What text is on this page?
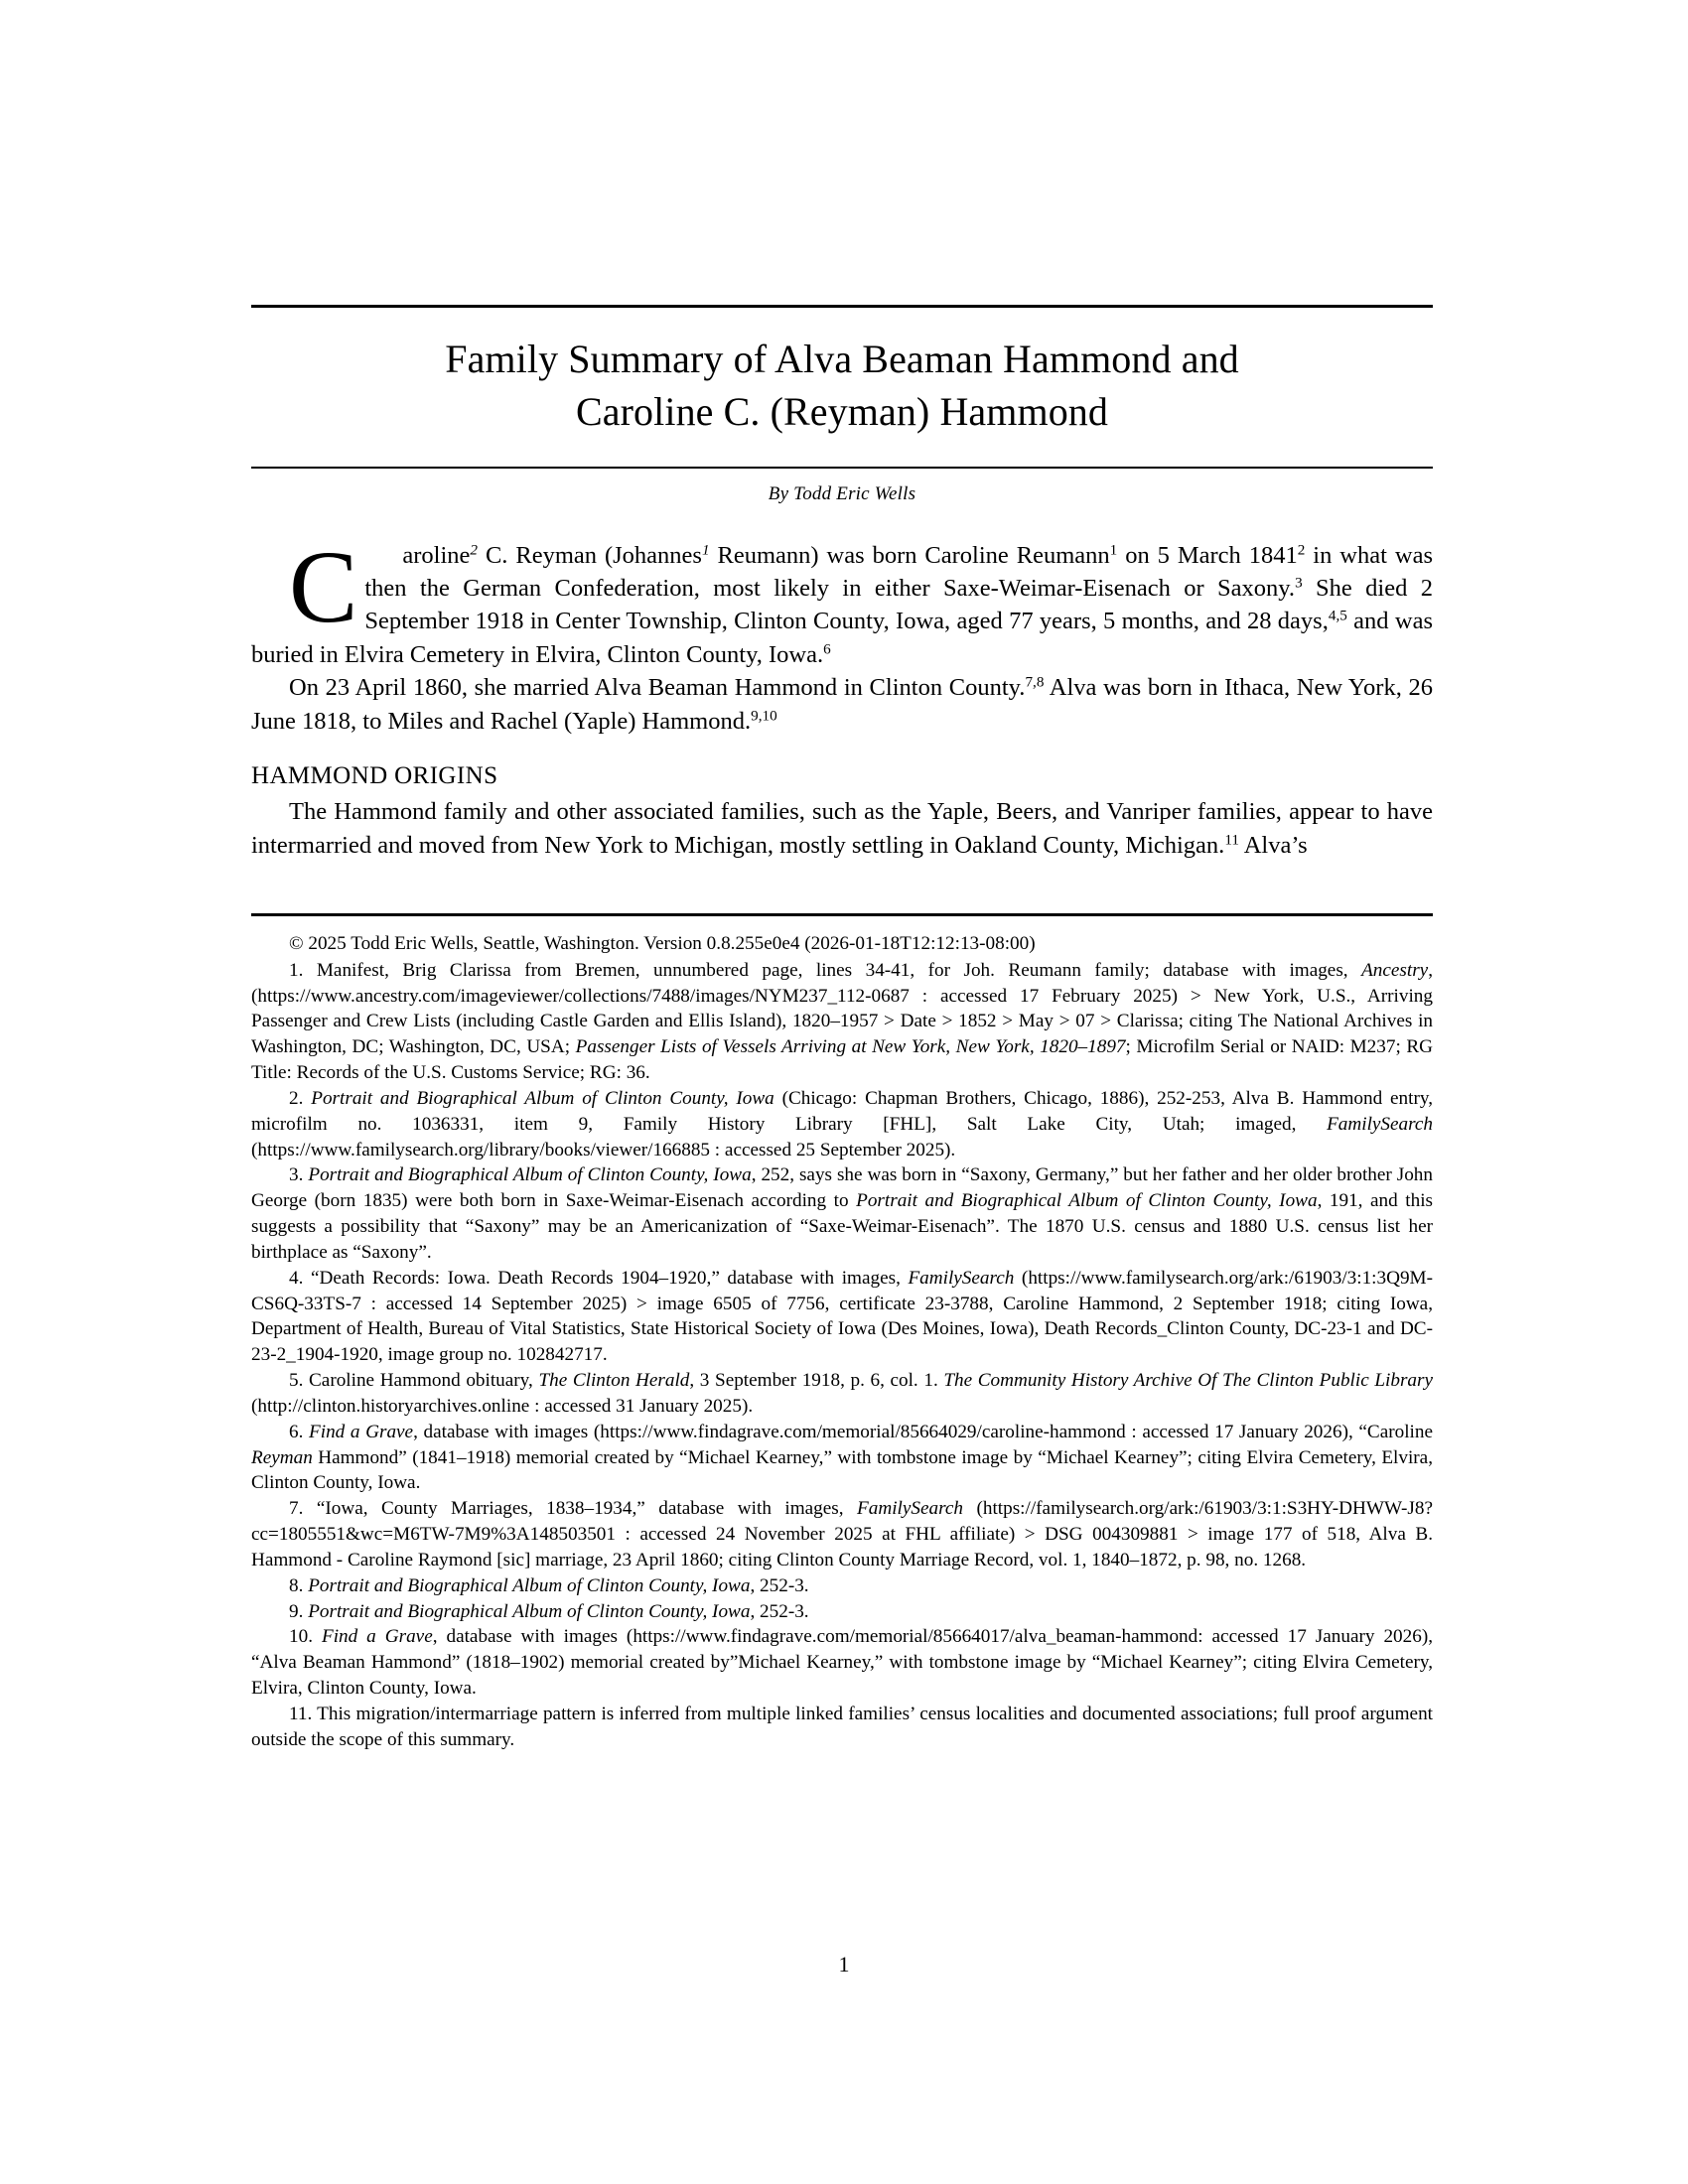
Family Summary of Alva Beaman Hammond and
Caroline C. (Reyman) Hammond
By Todd Eric Wells

C aroline$^2$ C. Reyman (Johannes$^1$ Reumann) was born Caroline Reumann$^1$ on 5 March 1841$^2$ in what was then the German Confederation, most likely in either Saxe-Weimar-Eisenach or Saxony.$^3$ She died 2 September 1918 in Center Township, Clinton County, Iowa, aged 77 years, 5 months, and 28 days,$^{4,5}$ and was buried in Elvira Cemetery in Elvira, Clinton County, Iowa.$^6$

On 23 April 1860, she married Alva Beaman Hammond in Clinton County.$^{7,8}$ Alva was born in Ithaca, New York, 26 June 1818, to Miles and Rachel (Yaple) Hammond.$^{9,10}$

HAMMOND ORIGINS

The Hammond family and other associated families, such as the Yaple, Beers, and Vanriper families, appear to have intermarried and moved from New York to Michigan, mostly settling in Oakland County, Michigan.$^{11}$ Alva’s

© 2025 Todd Eric Wells, Seattle, Washington. Version 0.8.255e0e4 (2026-01-18T12:12:13-08:00)

1. Manifest, Brig Clarissa from Bremen, unnumbered page, lines 34-41, for Joh. Reumann family; database with images, Ancestry, (https://www.ancestry.com/imageviewer/collections/7488/images/NYM237_112-0687 : accessed 17 February 2025) > New York, U.S., Arriving Passenger and Crew Lists (including Castle Garden and Ellis Island), 1820–1957 > Date > 1852 > May > 07 > Clarissa; citing The National Archives in Washington, DC; Washington, DC, USA; Passenger Lists of Vessels Arriving at New York, New York, 1820–1897; Microfilm Serial or NAID: M237; RG Title: Records of the U.S. Customs Service; RG: 36.

2. Portrait and Biographical Album of Clinton County, Iowa (Chicago: Chapman Brothers, Chicago, 1886), 252-253, Alva B. Hammond entry, microfilm no. 1036331, item 9, Family History Library [FHL], Salt Lake City, Utah; imaged, FamilySearch (https://www.familysearch.org/library/books/viewer/166885 : accessed 25 September 2025).

3. Portrait and Biographical Album of Clinton County, Iowa, 252, says she was born in “Saxony, Germany,” but her father and her older brother John George (born 1835) were both born in Saxe-Weimar-Eisenach according to Portrait and Biographical Album of Clinton County, Iowa, 191, and this suggests a possibility that “Saxony” may be an Americanization of “Saxe-Weimar-Eisenach”. The 1870 U.S. census and 1880 U.S. census list her birthplace as “Saxony”.

4. “Death Records: Iowa. Death Records 1904–1920,” database with images, FamilySearch (https://www.familysearch.org/ark:/61903/3:1:3Q9M-CS6Q-33TS-7 : accessed 14 September 2025) > image 6505 of 7756, certificate 23-3788, Caroline Hammond, 2 September 1918; citing Iowa, Department of Health, Bureau of Vital Statistics, State Historical Society of Iowa (Des Moines, Iowa), Death Records_Clinton County, DC-23-1 and DC-23-2_1904-1920, image group no. 102842717.

5. Caroline Hammond obituary, The Clinton Herald, 3 September 1918, p. 6, col. 1. The Community History Archive Of The Clinton Public Library (http://clinton.historyarchives.online : accessed 31 January 2025).

6. Find a Grave, database with images (https://www.findagrave.com/memorial/85664029/caroline-hammond : accessed 17 January 2026), “Caroline Reyman Hammond” (1841–1918) memorial created by “Michael Kearney,” with tombstone image by “Michael Kearney”; citing Elvira Cemetery, Elvira, Clinton County, Iowa.

7. “Iowa, County Marriages, 1838–1934,” database with images, FamilySearch (https://familysearch.org/ark:/61903/3:1:S3HY-DHWW-J8?cc=1805551&wc=M6TW-7M9%3A148503501 : accessed 24 November 2025 at FHL affiliate) > DSG 004309881 > image 177 of 518, Alva B. Hammond - Caroline Raymond [sic] marriage, 23 April 1860; citing Clinton County Marriage Record, vol. 1, 1840–1872, p. 98, no. 1268.

8. Portrait and Biographical Album of Clinton County, Iowa, 252-3.

9. Portrait and Biographical Album of Clinton County, Iowa, 252-3.

10. Find a Grave, database with images (https://www.findagrave.com/memorial/85664017/alva_beaman-hammond: accessed 17 January 2026), “Alva Beaman Hammond” (1818–1902) memorial created by”Michael Kearney,” with tombstone image by “Michael Kearney”; citing Elvira Cemetery, Elvira, Clinton County, Iowa.

11. This migration/intermarriage pattern is inferred from multiple linked families’ census localities and documented associations; full proof argument outside the scope of this summary.

1
